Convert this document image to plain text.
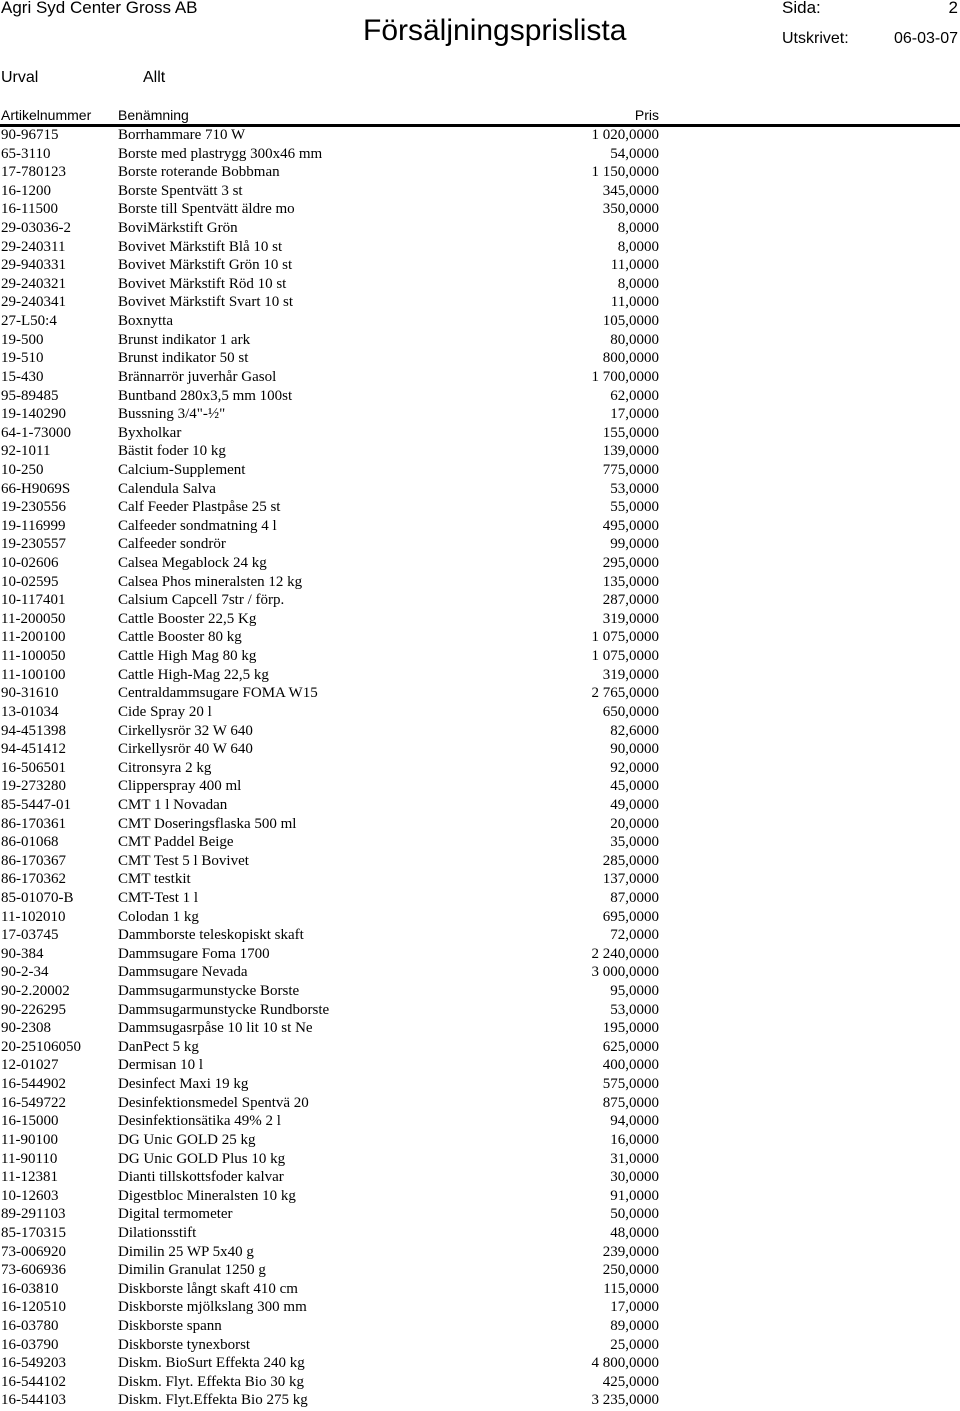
Agri Syd Center Gross AB
Försäljningsprislista
Sida:	2
Utskrivet:	06-03-07
Urval	Allt
Artikelnummer Benämning	Pris
90-96715	Borrhammare 710 W	1 020,0000
65-3110	Borste med plastrygg 300x46 mm	54,0000
17-780123	Borste roterande Bobbman	1 150,0000
16-1200	Borste Spentvätt 3 st	345,0000
16-11500	Borste till Spentvätt äldre mo	350,0000
29-03036-2	BoviMärkstift Grön	8,0000
29-240311	Bovivet Märkstift Blå 10 st	8,0000
29-940331	Bovivet Märkstift Grön 10 st	11,0000
29-240321	Bovivet Märkstift Röd 10 st	8,0000
29-240341	Bovivet Märkstift Svart 10 st	11,0000
27-L50:4	Boxnytta	105,0000
19-500	Brunst indikator 1 ark	80,0000
19-510	Brunst indikator 50 st	800,0000
15-430	Brännarrör juverhår Gasol	1 700,0000
95-89485	Buntband 280x3,5 mm 100st	62,0000
19-140290	Bussning 3/4"-½"	17,0000
64-1-73000	Byxholkar	155,0000
92-1011	Bästit foder 10 kg	139,0000
10-250	Calcium-Supplement	775,0000
66-H9069S	Calendula Salva	53,0000
19-230556	Calf Feeder Plastpåse 25 st	55,0000
19-116999	Calfeeder sondmatning 4 l	495,0000
19-230557	Calfeeder sondrör	99,0000
10-02606	Calsea Megablock 24 kg	295,0000
10-02595	Calsea Phos mineralsten 12 kg	135,0000
10-117401	Calsium Capcell 7str / förp.	287,0000
11-200050	Cattle Booster 22,5 Kg	319,0000
11-200100	Cattle Booster 80 kg	1 075,0000
11-100050	Cattle High Mag 80 kg	1 075,0000
11-100100	Cattle High-Mag 22,5 kg	319,0000
90-31610	Centraldammsugare FOMA W15	2 765,0000
13-01034	Cide Spray 20 l	650,0000
94-451398	Cirkellysrör 32 W 640	82,6000
94-451412	Cirkellysrör 40 W 640	90,0000
16-506501	Citronsyra 2 kg	92,0000
19-273280	Clipperspray 400 ml	45,0000
85-5447-01	CMT 1 l Novadan	49,0000
86-170361	CMT Doseringsflaska 500 ml	20,0000
86-01068	CMT Paddel Beige	35,0000
86-170367	CMT Test 5 l Bovivet	285,0000
86-170362	CMT testkit	137,0000
85-01070-B	CMT-Test 1 l	87,0000
11-102010	Colodan 1 kg	695,0000
17-03745	Dammborste teleskopiskt skaft	72,0000
90-384	Dammsugare Foma 1700	2 240,0000
90-2-34	Dammsugare Nevada	3 000,0000
90-2.20002	Dammsugarmunstycke Borste	95,0000
90-226295	Dammsugarmunstycke Rundborste	53,0000
90-2308	Dammsugasrpåse 10 lit 10 st Ne	195,0000
20-25106050 DanPect 5 kg	625,0000
12-01027	Dermisan 10 l	400,0000
16-544902	Desinfect Maxi 19 kg	575,0000
16-549722	Desinfektionsmedel Spentvä 20	875,0000
16-15000	Desinfektionsätika 49% 2 l	94,0000
11-90100	DG Unic GOLD 25 kg	16,0000
11-90110	DG Unic GOLD Plus 10 kg	31,0000
11-12381	Dianti tillskottsfoder kalvar	30,0000
10-12603	Digestbloc Mineralsten 10 kg	91,0000
89-291103	Digital termometer	50,0000
85-170315	Dilationsstift	48,0000
73-006920	Dimilin 25 WP 5x40 g	239,0000
73-606936	Dimilin Granulat 1250 g	250,0000
16-03810	Diskborste långt skaft 410 cm	115,0000
16-120510	Diskborste mjölkslang 300 mm	17,0000
16-03780	Diskborste spann	89,0000
16-03790	Diskborste tynexborst	25,0000
16-549203	Diskm. BioSurt Effekta 240 kg	4 800,0000
16-544102	Diskm. Flyt. Effekta Bio 30 kg	425,0000
16-544103	Diskm. Flyt.Effekta Bio 275 kg	3 235,0000
